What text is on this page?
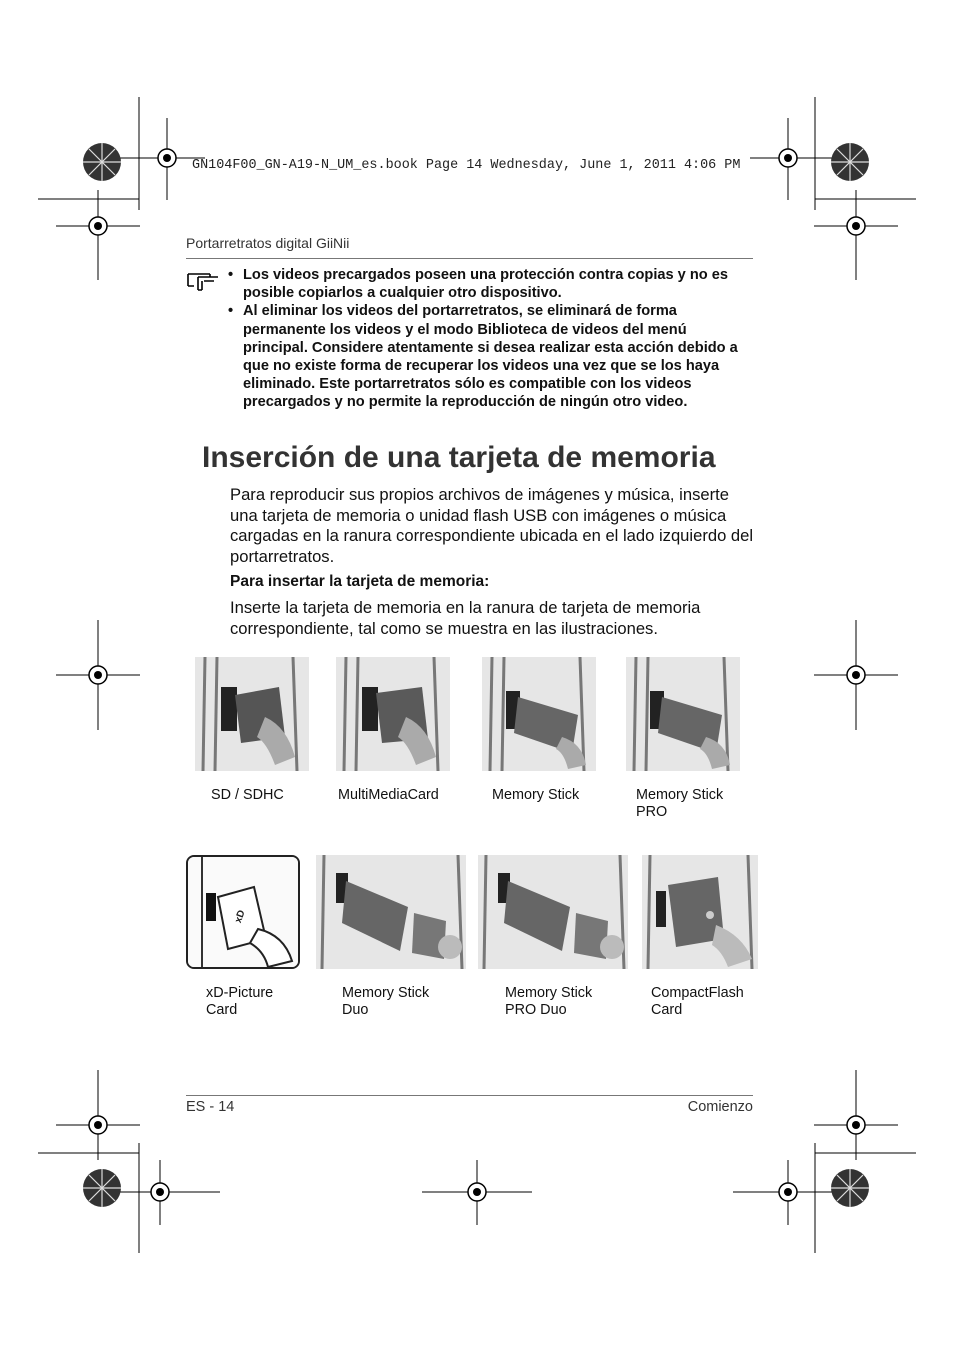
GN104F00_GN-A19-N_UM_es.book Page 14 Wednesday, June 1, 2011 4:06 PM
Portarretratos digital GiiNii
• Los videos precargados poseen una protección contra copias y no es posible copiarlos a cualquier otro dispositivo.
• Al eliminar los videos del portarretratos, se eliminará de forma permanente los videos y el modo Biblioteca de videos del menú principal. Considere atentamente si desea realizar esta acción debido a que no existe forma de recuperar los videos una vez que se los haya eliminado. Este portarretratos sólo es compatible con los videos precargados y no permite la reproducción de ningún otro video.
Inserción de una tarjeta de memoria
Para reproducir sus propios archivos de imágenes y música, inserte una tarjeta de memoria o unidad flash USB con imágenes o música cargadas en la ranura correspondiente ubicada en el lado izquierdo del portarretratos.
Para insertar la tarjeta de memoria:
Inserte la tarjeta de memoria en la ranura de tarjeta de memoria correspondiente, tal como se muestra en las ilustraciones.
SD / SDHC	MultiMediaCard	Memory Stick	Memory Stick
PRO
xD
xD-Picture
Card
Memory Stick
Duo
Memory Stick
PRO Duo
CompactFlash
Card
ES - 14	Comienzo
